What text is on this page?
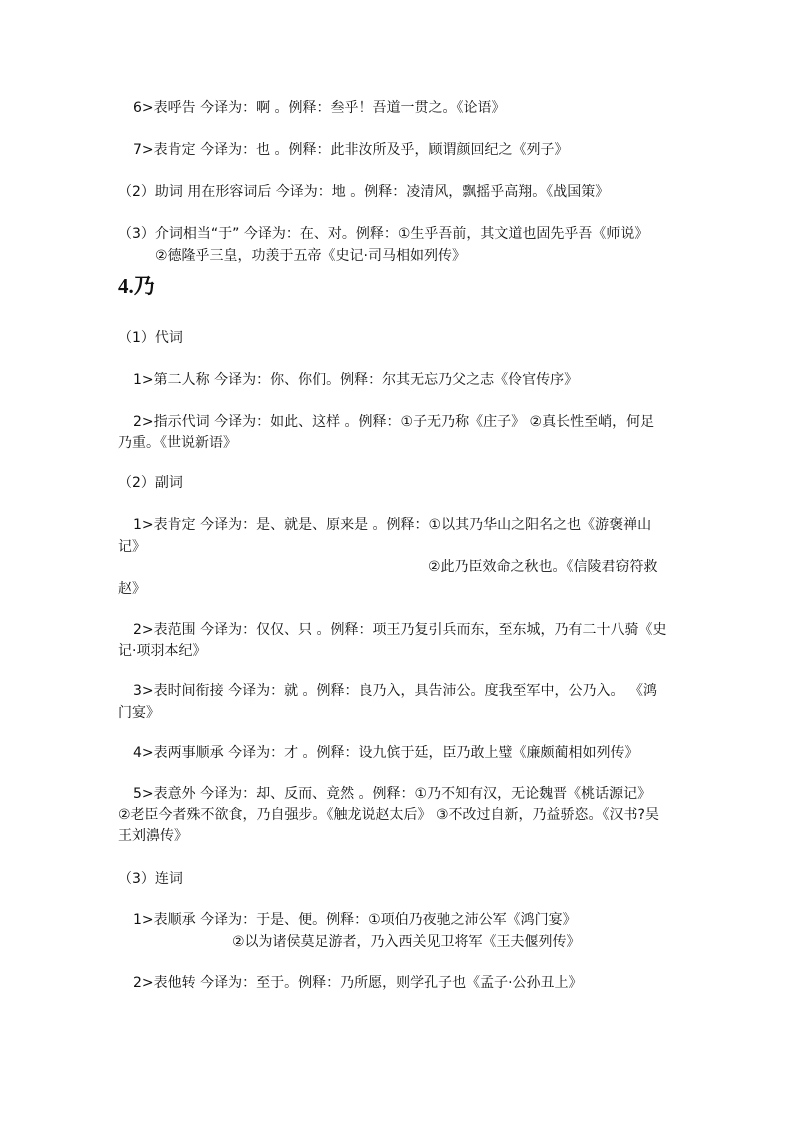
6>表呼告 今译为：啊 。例释：叁乎！吾道一贯之。《论语》
7>表肯定 今译为：也 。例释：此非汝所及乎，顾谓颜回纪之《列子》
（2）助词 用在形容词后 今译为：地 。例释：凌清风，飘摇乎高翔。《战国策》
（3）介词相当“于” 今译为：在、对。例释：①生乎吾前，其文道也固先乎吾《师说》
②德隆乎三皇，功羡于五帝《史记·司马相如列传》
4.乃
（1）代词
1>第二人称 今译为：你、你们。例释：尔其无忘乃父之志《伶官传序》
2>指示代词 今译为：如此、这样 。例释：①子无乃称《庄子》 ②真长性至峭，何足
乃重。《世说新语》
（2）副词
1>表肯定 今译为：是、就是、原来是 。例释：①以其乃华山之阳名之也《游褒禅山
记》
②此乃臣效命之秋也。《信陵君窃符救
赵》
2>表范围 今译为：仅仅、只 。例释：项王乃复引兵而东，至东城，乃有二十八骑《史
记·项羽本纪》
3>表时间衔接 今译为：就 。例释：良乃入，具告沛公。度我至军中，公乃入。 《鸿
门宴》
4>表两事顺承 今译为：才 。例释：设九傧于廷，臣乃敢上璧《廉颇蔺相如列传》
5>表意外 今译为：却、反而、竟然 。例释：①乃不知有汉，无论魏晋《桃话源记》
②老臣今者殊不欲食，乃自强步。《触龙说赵太后》 ③不改过自新，乃益骄恣。《汉书?吴
王刘濞传》
（3）连词
1>表顺承 今译为：于是、便。例释：①项伯乃夜驰之沛公军《鸿门宴》
②以为诸侯莫足游者，乃入西关见卫将军《王夫偃列传》
2>表他转 今译为：至于。例释：乃所愿，则学孔子也《孟子·公孙丑上》
